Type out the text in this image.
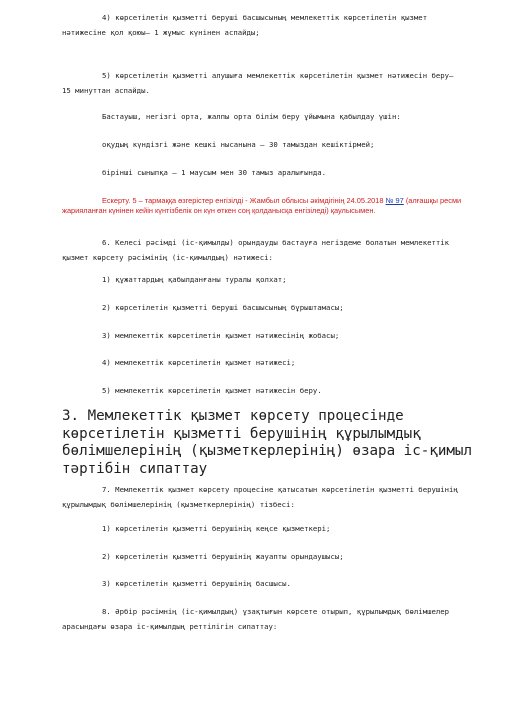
4) көрсетілетін қызметті беруші басшысының мемлекеттік көрсетілетін қызмет нәтижесіне қол қоюы– 1 жұмыс күнінен аспайды;

5) көрсетілетін қызметті алушыға мемлекеттік көрсетілетін қызмет нәтижесін беру– 15 минуттан аспайды.

Бастауыш, негізгі орта, жалпы орта білім беру ұйымына қабылдау үшін:

оқудың күндізгі және кешкі нысанына – 30 тамыздан кешіктірмей;

бірінші сыныпқа – 1 маусым мен 30 тамыз аралығында.

Ескерту. 5 – тармаққа өзгерістер енгізілді - Жамбыл облысы әкімдігінің 24.05.2018 № 97 (алғашқы ресми жарияланған күнінен кейін күнтізбелік он күн өткен соң қолданысқа енгізіледі) қаулысымен.

6. Келесі рәсімді (іс-қимылды) орындауды бастауға негіздеме болатын мемлекеттік қызмет көрсету рәсімінің (іс-қимылдың) нәтижесі:

1) құжаттардың қабылданғаны туралы қолхат;

2) көрсетілетін қызметті беруші басшысының бұрыштамасы;

3) мемлекеттік көрсетілетін қызмет нәтижесінің жобасы;

4) мемлекеттік көрсетілетін қызмет нәтижесі;

5) мемлекеттік көрсетілетін қызмет нәтижесін беру.

3. Мемлекеттік қызмет көрсету процесінде көрсетілетін қызметті берушінің құрылымдық бөлімшелерінің (қызметкерлерінің) өзара іс-қимыл тәртібін сипаттау

7. Мемлекеттік қызмет көрсету процесіне қатысатын көрсетілетін қызметті берушінің құрылымдық бөлімшелерінің (қызметкерлерінің) тізбесі:

1) көрсетілетін қызметті берушінің кеңсе қызметкері;

2) көрсетілетін қызметті берушінің жауапты орындаушысы;

3) көрсетілетін қызметті берушінің басшысы.

8. Әрбір рәсімнің (іс-қимылдың) ұзақтығын көрсете отырып, құрылымдық бөлімшелер арасындағы өзара іс-қимылдың реттілігін сипаттау:
